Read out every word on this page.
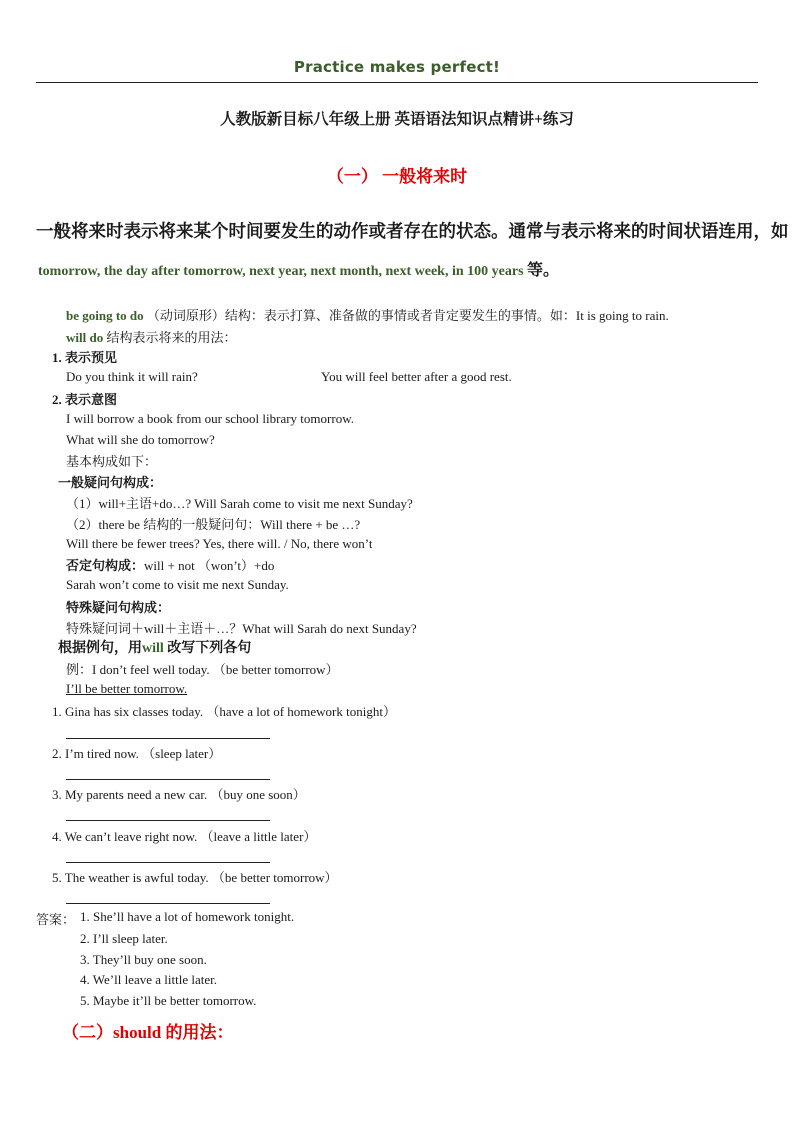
Practice makes perfect!
人教版新目标八年级上册 英语语法知识点精讲+练习
（一） 一般将来时
一般将来时表示将来某个时间要发生的动作或者存在的状态。通常与表示将来的时间状语连用，如
tomorrow, the day after tomorrow, next year, next month, next week, in 100 years 等。
be going to do （动词原形）结构：表示打算、准备做的事情或者肯定要发生的事情。如：It is going to rain.
will do 结构表示将来的用法：
1. 表示预见
Do you think it will rain?	You will feel better after a good rest.
2. 表示意图
I will borrow a book from our school library tomorrow.
What will she do tomorrow?
基本构成如下：
一般疑问句构成：
（1）will+主语+do…? Will Sarah come to visit me next Sunday?
（2）there be 结构的一般疑问句：Will there + be …?
Will there be fewer trees? Yes, there will. / No, there won’t
否定句构成：will + not （won’t）+do
Sarah won’t come to visit me next Sunday.
特殊疑问句构成：
特殊疑问词＋will＋主语＋…？What will Sarah do next Sunday?
根据例句，用will 改写下列各句
例：I don’t feel well today. （be better tomorrow）
I’ll be better tomorrow.
1. Gina has six classes today. （have a lot of homework tonight）
2. I’m tired now. （sleep later）
3. My parents need a new car. （buy one soon）
4. We can’t leave right now. （leave a little later）
5. The weather is awful today. （be better tomorrow）
答案： 1. She’ll have a lot of homework tonight.
2. I’ll sleep later.
3. They’ll buy one soon.
4. We’ll leave a little later.
5. Maybe it’ll be better tomorrow.
（二）should 的用法：
